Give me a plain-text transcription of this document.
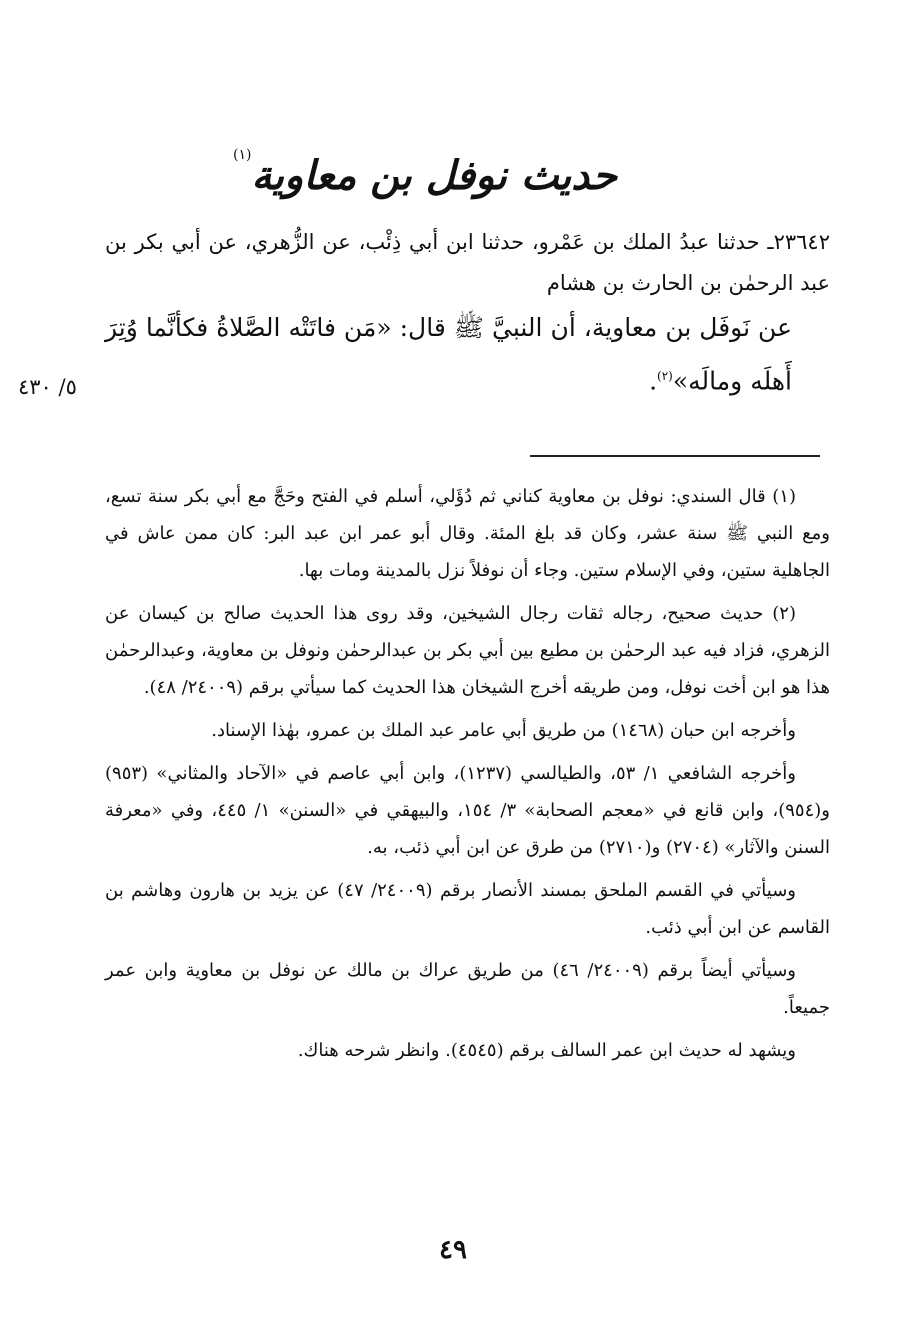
حديث نوفل بن معاوية$^{(١)}$

٢٣٦٤٢ـ حدثنا عبدُ الملك بن عَمْرو، حدثنا ابن أبي ذِئْب، عن الزُّهري، عن أبي بكر بن عبد الرحمٰن بن الحارث بن هشام

عن نَوفَل بن معاوية، أن النبيَّ ﷺ قال: «مَن فاتَتْه الصَّلاةُ فكأنَّما وُتِرَ أَهلَه ومالَه»$^{(٢)}$.

٥/ ٤٣٠

(١) قال السندي: نوفل بن معاوية كناني ثم دُؤَلي، أسلم في الفتح وحَجَّ مع أبي بكر سنة تسع، ومع النبي ﷺ سنة عشر، وكان قد بلغ المئة. وقال أبو عمر ابن عبد البر: كان ممن عاش في الجاهلية ستين، وفي الإسلام ستين. وجاء أن نوفلاً نزل بالمدينة ومات بها.

(٢) حديث صحيح، رجاله ثقات رجال الشيخين، وقد روى هذا الحديث صالح بن كيسان عن الزهري، فزاد فيه عبد الرحمٰن بن مطيع بين أبي بكر بن عبدالرحمٰن ونوفل بن معاوية، وعبدالرحمٰن هذا هو ابن أخت نوفل، ومن طريقه أخرج الشيخان هذا الحديث كما سيأتي برقم (٢٤٠٠٩/ ٤٨).

وأخرجه ابن حبان (١٤٦٨) من طريق أبي عامر عبد الملك بن عمرو، بهٰذا الإسناد.

وأخرجه الشافعي ١/ ٥٣، والطيالسي (١٢٣٧)، وابن أبي عاصم في «الآحاد والمثاني» (٩٥٣) و(٩٥٤)، وابن قانع في «معجم الصحابة» ٣/ ١٥٤، والبيهقي في «السنن» ١/ ٤٤٥، وفي «معرفة السنن والآثار» (٢٧٠٤) و(٢٧١٠) من طرق عن ابن أبي ذئب، به.

وسيأتي في القسم الملحق بمسند الأنصار برقم (٢٤٠٠٩/ ٤٧) عن يزيد بن هارون وهاشم بن القاسم عن ابن أبي ذئب.

وسيأتي أيضاً برقم (٢٤٠٠٩/ ٤٦) من طريق عراك بن مالك عن نوفل بن معاوية وابن عمر جميعاً.

ويشهد له حديث ابن عمر السالف برقم (٤٥٤٥). وانظر شرحه هناك.

٤٩
